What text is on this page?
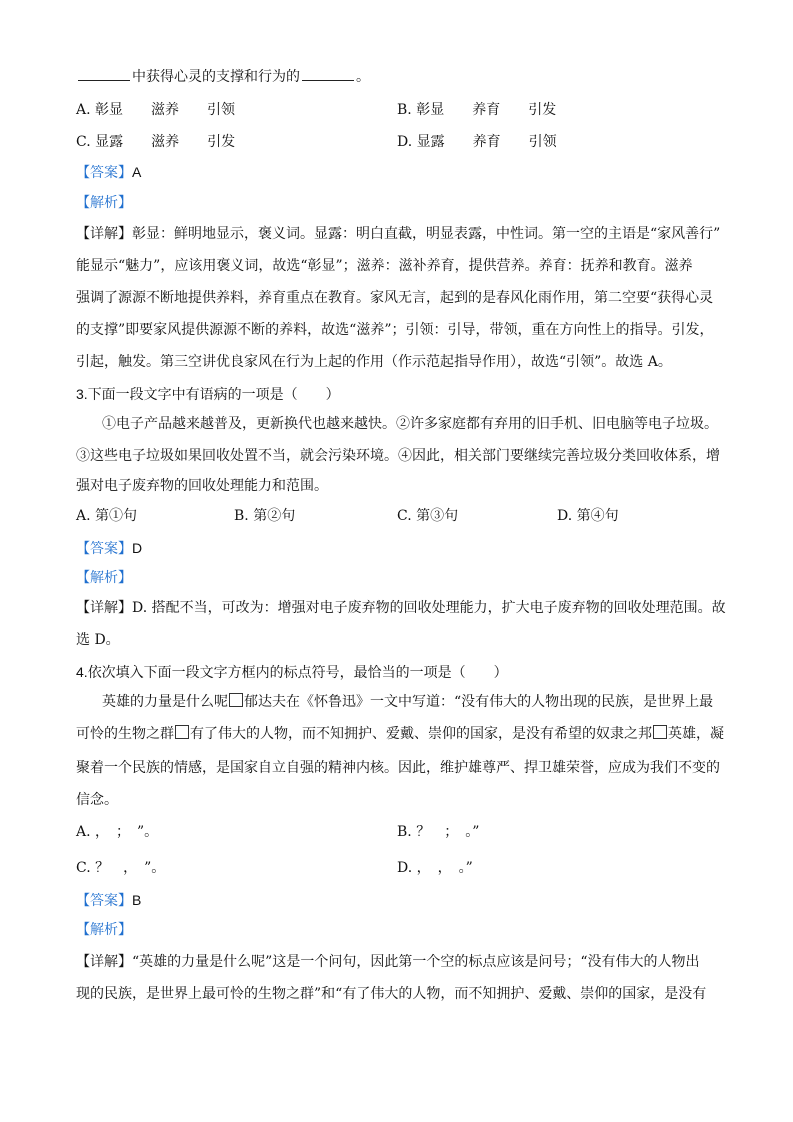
中获得心灵的支撑和行为的	。
A. 彰显　　滋养　　引领	B. 彰显　　养育　　引发
C. 显露　　滋养　　引发	D. 显露　　养育　　引领
【答案】A
【解析】
【详解】彰显：鲜明地显示，褒义词。显露：明白直截，明显表露，中性词。第一空的主语是“家风善行”
能显示“魅力”，应该用褒义词，故选“彰显”；滋养：滋补养育，提供营养。养育：抚养和教育。滋养
强调了源源不断地提供养料，养育重点在教育。家风无言，起到的是春风化雨作用，第二空要“获得心灵
的支撑”即要家风提供源源不断的养料，故选“滋养”；引领：引导，带领，重在方向性上的指导。引发，
引起，触发。第三空讲优良家风在行为上起的作用（作示范起指导作用），故选“引领”。故选 A。
3.下面一段文字中有语病的一项是（　　）
①电子产品越来越普及，更新换代也越来越快。②许多家庭都有弃用的旧手机、旧电脑等电子垃圾。
③这些电子垃圾如果回收处置不当，就会污染环境。④因此，相关部门要继续完善垃圾分类回收体系，增
强对电子废弃物的回收处理能力和范围。
A. 第①句	B. 第②句	C. 第③句	D. 第④句
【答案】D
【解析】
【详解】D. 搭配不当，可改为：增强对电子废弃物的回收处理能力，扩大电子废弃物的回收处理范围。故
选 D。
4.依次填入下面一段文字方框内的标点符号，最恰当的一项是（　　）
英雄的力量是什么呢 郁达夫在《怀鲁迅》一文中写道：“没有伟大的人物出现的民族，是世界上最
可怜的生物之群 有了伟大的人物，而不知拥护、爱戴、崇仰的国家，是没有希望的奴隶之邦 英雄，凝
聚着一个民族的情感，是国家自立自强的精神内核。因此，维护雄尊严、捍卫雄荣誉，应成为我们不变的
信念。
A. ，　；　”。	B. ？　；　。”
C. ？　，　”。	D. ，　，　。”
【答案】B
【解析】
【详解】“英雄的力量是什么呢”这是一个问句，因此第一个空的标点应该是问号；“没有伟大的人物出
现的民族，是世界上最可怜的生物之群”和“有了伟大的人物，而不知拥护、爱戴、崇仰的国家，是没有
